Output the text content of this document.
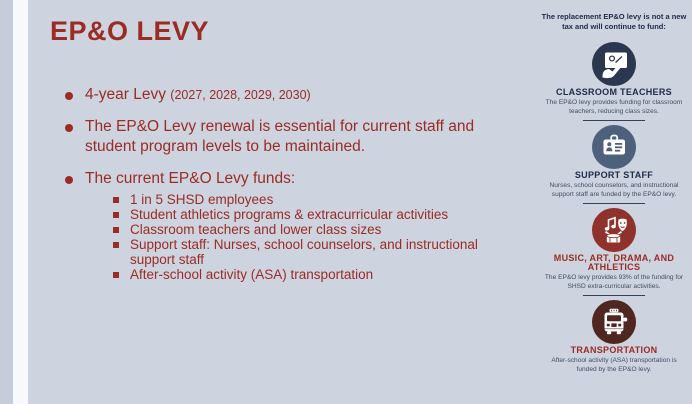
EP&O LEVY
4-year Levy (2027, 2028, 2029, 2030)
The EP&O Levy renewal is essential for current staff and student program levels to be maintained.
The current EP&O Levy funds:
1 in 5 SHSD employees
Student athletics programs & extracurricular activities
Classroom teachers and lower class sizes
Support staff: Nurses, school counselors, and instructional support staff
After-school activity (ASA) transportation
The replacement EP&O levy is not a new tax and will continue to fund:
CLASSROOM TEACHERS
The EP&O levy provides funding for classroom teachers, reducing class sizes.
SUPPORT STAFF
Nurses, school counselors, and instructional support staff are funded by the EP&O levy.
MUSIC, ART, DRAMA, AND ATHLETICS
The EP&O levy provides 93% of the funding for SHSD extra-curricular activities.
TRANSPORTATION
After-school activity (ASA) transportation is funded by the EP&O levy.
